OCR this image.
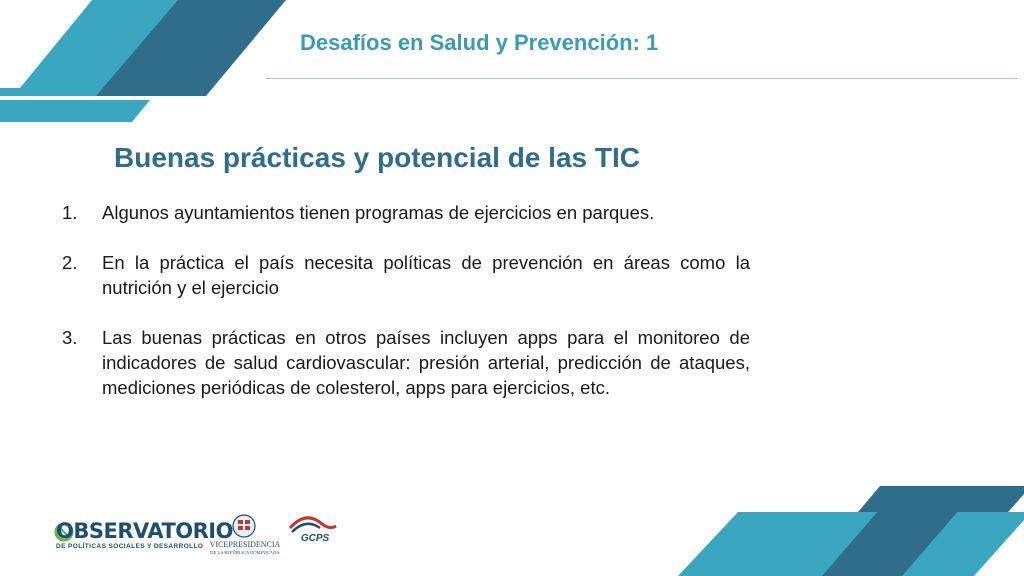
Desafíos en Salud y Prevención: 1
Buenas prácticas y potencial de las TIC
1. Algunos ayuntamientos tienen programas de ejercicios en parques.
2. En la práctica el país necesita políticas de prevención en áreas como la nutrición y el ejercicio
3. Las buenas prácticas en otros países incluyen apps para el monitoreo de indicadores de salud cardiovascular: presión arterial, predicción de ataques, mediciones periódicas de colesterol, apps para ejercicios, etc.
OBSERVATORIO
DE POLÍTICAS SOCIALES Y DESARROLLO VICEPRESIDENCIA
DE LA REPÚBLICA DOMINICANA
GCPS
